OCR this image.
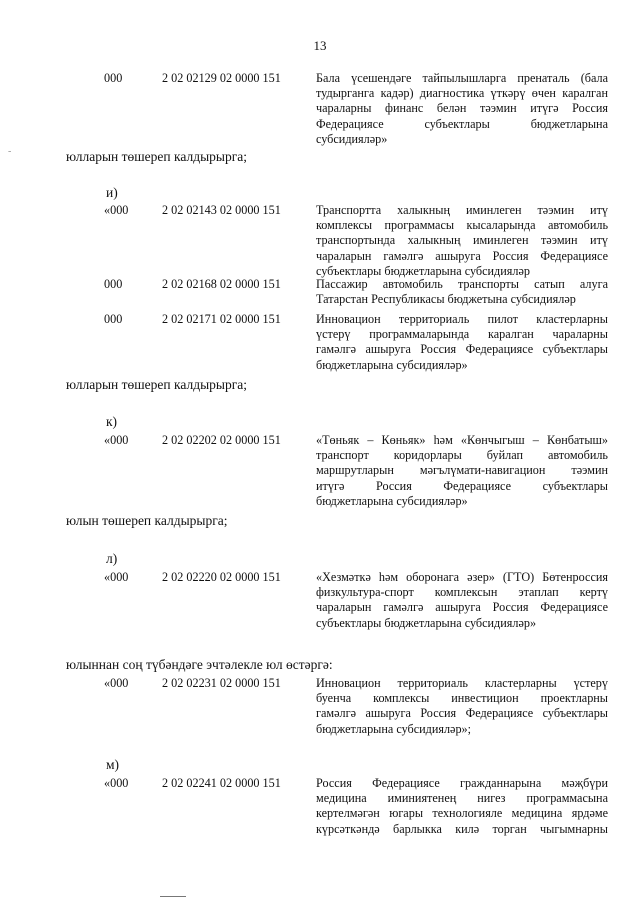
13
-
000	2 02 02129 02 0000 151	Бала үсешендәге тайпылышларга пренаталь (бала
тудырганга кадәр) диагностика үткәрү өчен каралган
чараларны финанс белән тәэмин итүгә Россия
Федерациясе субъектлары бюджетларына
субсидияләр»
юлларын төшереп калдырырга;
и)
«000	2 02 02143 02 0000 151	Транспортта халыкның иминлеген тәэмин итү
комплексы программасы кысаларында автомобиль
транспортында халыкның иминлеген тәэмин итү
чараларын гамәлгә ашыруга Россия Федерациясе
субъектлары бюджетларына субсидияләр
000	2 02 02168 02 0000 151	Пассажир автомобиль транспорты сатып алуга
Татарстан Республикасы бюджетына субсидияләр
000	2 02 02171 02 0000 151	Инновацион территориаль пилот кластерларны
үстерү программаларында каралган чараларны
гамәлгә ашыруга Россия Федерациясе субъектлары
бюджетларына субсидияләр»
юлларын төшереп калдырырга;
к)
«000	2 02 02202 02 0000 151	«Төньяк – Көньяк» һәм «Көнчыгыш – Көнбатыш»
транспорт коридорлары буйлап автомобиль
маршрутларын мәгълүмати-навигацион тәэмин
итүгә Россия Федерациясе субъектлары
бюджетларына субсидияләр»
юлын төшереп калдырырга;
л)
«000	2 02 02220 02 0000 151	«Хезмәткә һәм оборонага әзер» (ГТО) Бөтенроссия
физкультура-спорт комплексын этаплап кертү
чараларын гамәлгә ашыруга Россия Федерациясе
субъектлары бюджетларына субсидияләр»
юлыннан соң түбәндәге эчтәлекле юл өстәргә:
«000	2 02 02231 02 0000 151	Инновацион территориаль кластерларны үстерү
буенча комплексы инвестицион проектларны
гамәлгә ашыруга Россия Федерациясе субъектлары
бюджетларына субсидияләр»;
м)
«000	2 02 02241 02 0000 151	Россия Федерациясе гражданнарына мәҗбүри
медицина иминиятенең нигез программасына
кертелмәгән югары технологияле медицина ярдәме
күрсәткәндә барлыкка килә торган чыгымнарны
